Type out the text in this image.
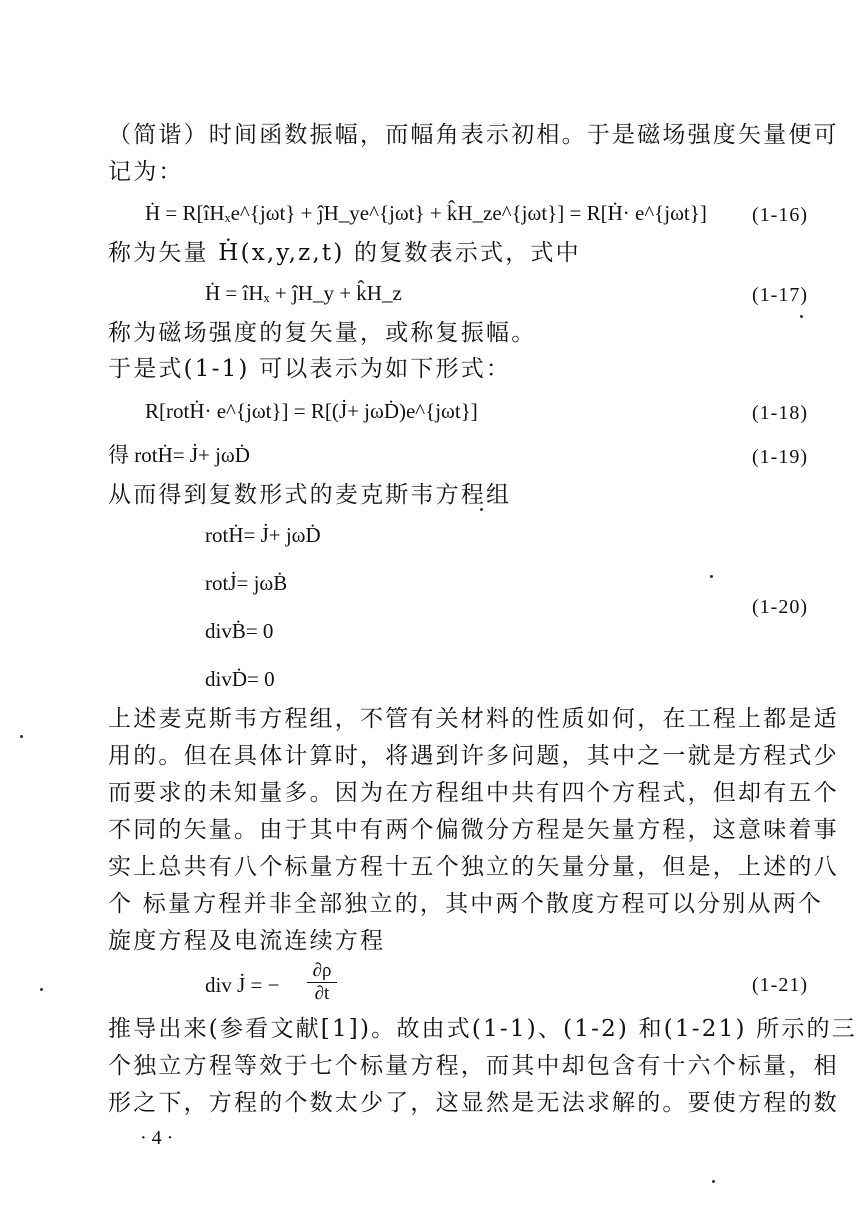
（简谐）时间函数振幅，而幅角表示初相。于是磁场强度矢量便可
记为：
Ḣ = R[îHₓe^{jωt} + ĵH_ye^{jωt} + k̂H_ze^{jωt}] = R[Ḣ· e^{jωt}] (1-16)
称为矢量 Ḣ(x,y,z,t) 的复数表示式，式中
Ḣ = îHₓ + ĵH_y + k̂H_z	(1-17)
称为磁场强度的复矢量，或称复振幅。
于是式(1-1) 可以表示为如下形式：
R[rotḢ· e^{jωt}] = R[(J̇+ jωḊ)e^{jωt}]	(1-18)
得 rotḢ= J̇+ jωḊ	(1-19)
从而得到复数形式的麦克斯韦方程组
rotḢ= J̇+ jωḊ
rotJ̇= jωḂ
divḂ= 0
divḊ= 0
(1-20)
上述麦克斯韦方程组，不管有关材料的性质如何，在工程上都是适
用的。但在具体计算时，将遇到许多问题，其中之一就是方程式少
而要求的未知量多。因为在方程组中共有四个方程式，但却有五个
不同的矢量。由于其中有两个偏微分方程是矢量方程，这意味着事
实上总共有八个标量方程十五个独立的矢量分量，但是，上述的八
个 标量方程并非全部独立的，其中两个散度方程可以分别从两个
旋度方程及电流连续方程
div J̇ = − $\frac{\partial\rho}{\partial t}$	(1-21)
推导出来(参看文献[1])。故由式(1-1)、(1-2) 和(1-21) 所示的三
个独立方程等效于七个标量方程，而其中却包含有十六个标量，相
形之下，方程的个数太少了，这显然是无法求解的。要使方程的数
· 4 ·
